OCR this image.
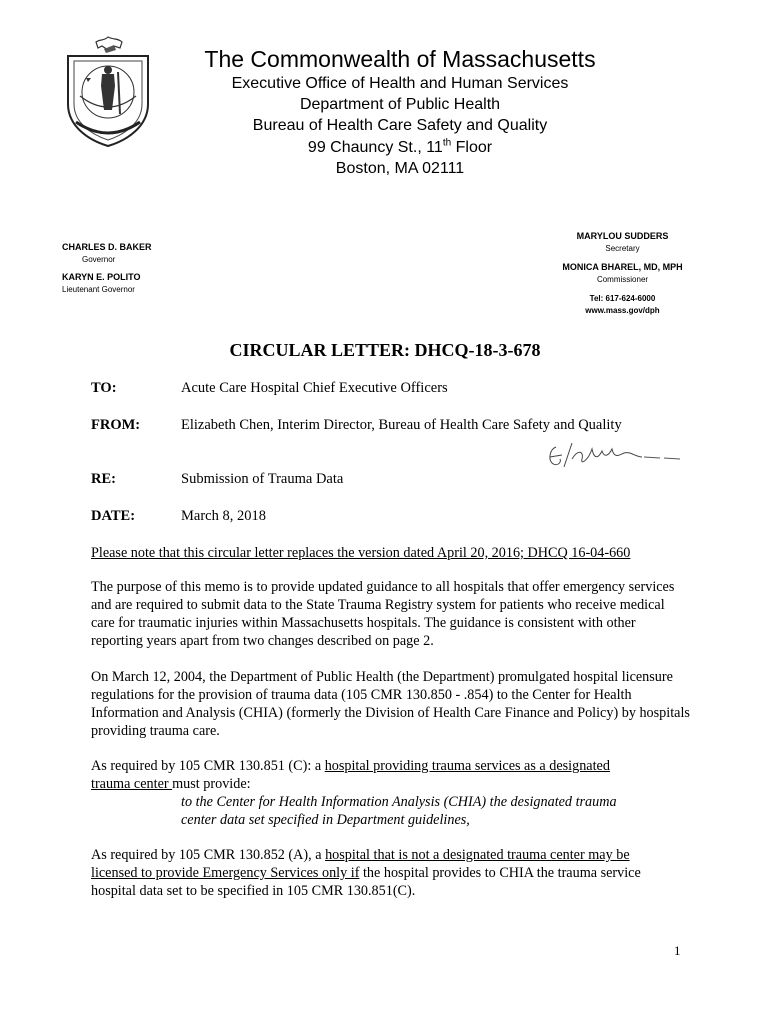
The Commonwealth of Massachusetts
Executive Office of Health and Human Services
Department of Public Health
Bureau of Health Care Safety and Quality
99 Chauncy St., 11th Floor
Boston, MA 02111
CHARLES D. BAKER
Governor
KARYN E. POLITO
Lieutenant Governor
MARYLOU SUDDERS
Secretary
MONICA BHAREL, MD, MPH
Commissioner
Tel: 617-624-6000
www.mass.gov/dph
CIRCULAR LETTER: DHCQ-18-3-678
TO:	Acute Care Hospital Chief Executive Officers
FROM:	Elizabeth Chen, Interim Director, Bureau of Health Care Safety and Quality
RE:	Submission of Trauma Data
DATE:	March 8, 2018
Please note that this circular letter replaces the version dated April 20, 2016; DHCQ 16-04-660
The purpose of this memo is to provide updated guidance to all hospitals that offer emergency services and are required to submit data to the State Trauma Registry system for patients who receive medical care for traumatic injuries within Massachusetts hospitals. The guidance is consistent with other reporting years apart from two changes described on page 2.
On March 12, 2004, the Department of Public Health (the Department) promulgated hospital licensure regulations for the provision of trauma data (105 CMR 130.850 - .854) to the Center for Health Information and Analysis (CHIA) (formerly the Division of Health Care Finance and Policy) by hospitals providing trauma care.
As required by 105 CMR 130.851 (C): a hospital providing trauma services as a designated
trauma center must provide:
to the Center for Health Information Analysis (CHIA) the designated trauma
center data set specified in Department guidelines,
As required by 105 CMR 130.852 (A), a hospital that is not a designated trauma center may be
licensed to provide Emergency Services only if the hospital provides to CHIA the trauma service
hospital data set to be specified in 105 CMR 130.851(C).
1
